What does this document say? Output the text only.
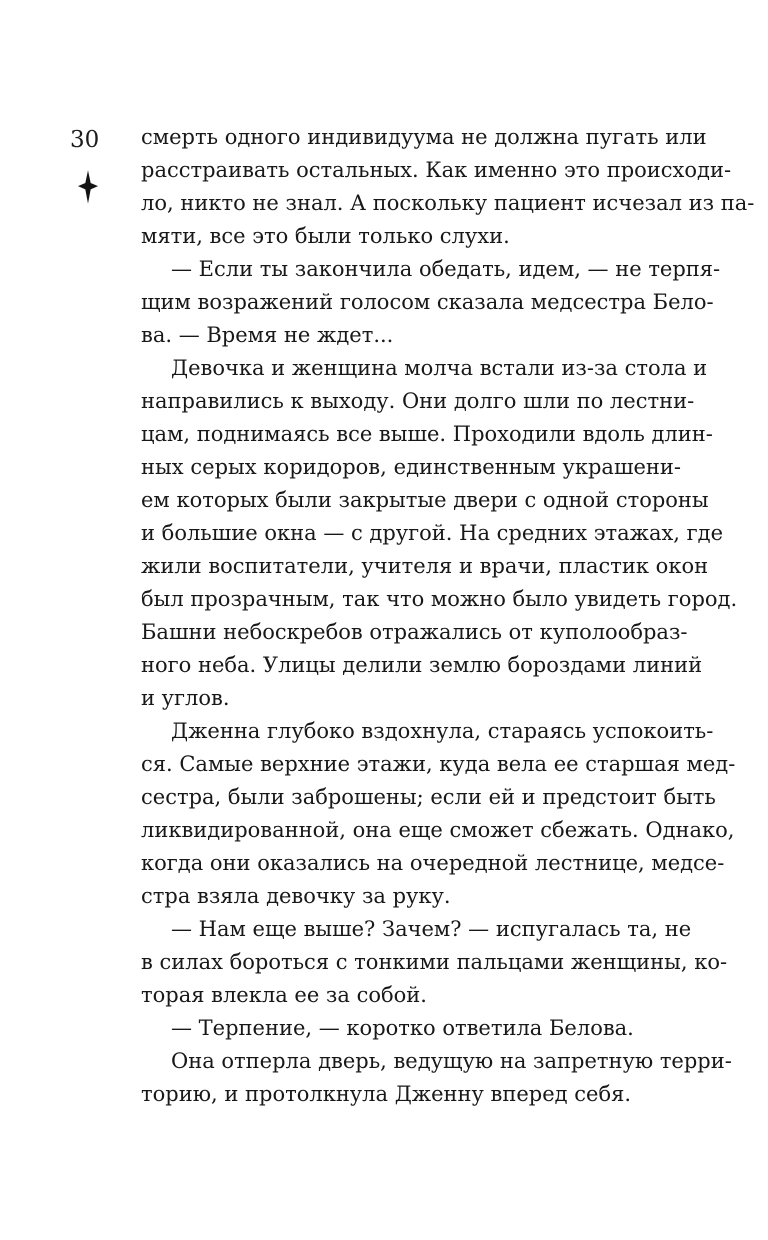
30 смерть одного индивидуума не должна пугать или
расстраивать остальных. Как именно это происходи-
ло, никто не знал. А поскольку пациент исчезал из па-
мяти, все это были только слухи.
— Если ты закончила обедать, идем, — не терпя-
щим возражений голосом сказала медсестра Бело-
ва. — Время не ждет...
Девочка и женщина молча встали из-за стола и
направились к выходу. Они долго шли по лестни-
цам, поднимаясь все выше. Проходили вдоль длин-
ных серых коридоров, единственным украшени-
ем которых были закрытые двери с одной стороны
и большие окна — с другой. На средних этажах, где
жили воспитатели, учителя и врачи, пластик окон
был прозрачным, так что можно было увидеть город.
Башни небоскребов отражались от куполообраз-
ного неба. Улицы делили землю бороздами линий
и углов.
Дженна глубоко вздохнула, стараясь успокоить-
ся. Самые верхние этажи, куда вела ее старшая мед-
сестра, были заброшены; если ей и предстоит быть
ликвидированной, она еще сможет сбежать. Однако,
когда они оказались на очередной лестнице, медсе-
стра взяла девочку за руку.
— Нам еще выше? Зачем? — испугалась та, не
в силах бороться с тонкими пальцами женщины, ко-
торая влекла ее за собой.
— Терпение, — коротко ответила Белова.
Она отперла дверь, ведущую на запретную терри-
торию, и протолкнула Дженну вперед себя.
